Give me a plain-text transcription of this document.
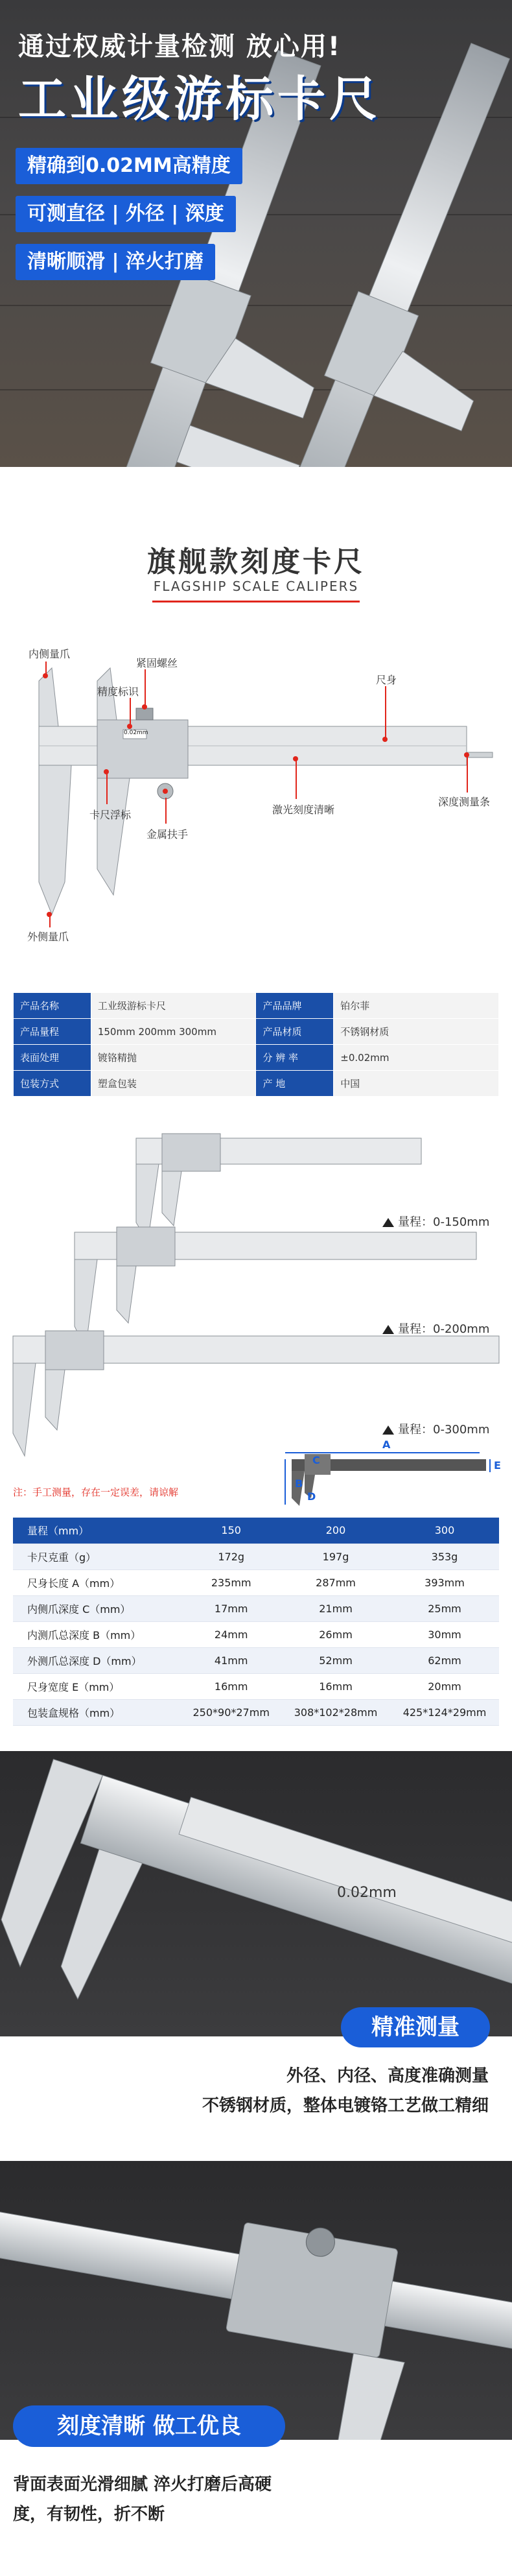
通过权威计量检测 放心用!
工业级游标卡尺
精确到0.02MM高精度
可测直径 | 外径 | 深度
清晰顺滑 | 淬火打磨
旗舰款刻度卡尺
FLAGSHIP SCALE CALIPERS
0.02mm
内侧量爪
紧固螺丝
精度标识
尺身
卡尺浮标
金属扶手
激光刻度清晰
深度测量条
外侧量爪
产品名称	工业级游标卡尺	产品品牌	铂尔菲
产品量程	150mm 200mm 300mm	产品材质	不锈钢材质
表面处理	镀铬精抛	分 辨 率	±0.02mm
包装方式	塑盒包装	产 地	中国
量程：0-150mm
量程：0-200mm
量程：0-300mm
A
B
C
D
E
注：手工测量，存在一定误差，请谅解
量程（mm）	150	200	300
卡尺克重（g）	172g	197g	353g
尺身长度 A（mm）	235mm	287mm	393mm
内侧爪深度 C（mm）	17mm	21mm	25mm
内测爪总深度 B（mm）	24mm	26mm	30mm
外测爪总深度 D（mm）	41mm	52mm	62mm
尺身宽度 E（mm）	16mm	16mm	20mm
包装盒规格（mm）	250*90*27mm	308*102*28mm	425*124*29mm
0.02mm
精准测量
外径、内径、高度准确测量
不锈钢材质，整体电镀铬工艺做工精细
刻度清晰 做工优良
背面表面光滑细腻 淬火打磨后高硬
度，有韧性，折不断
